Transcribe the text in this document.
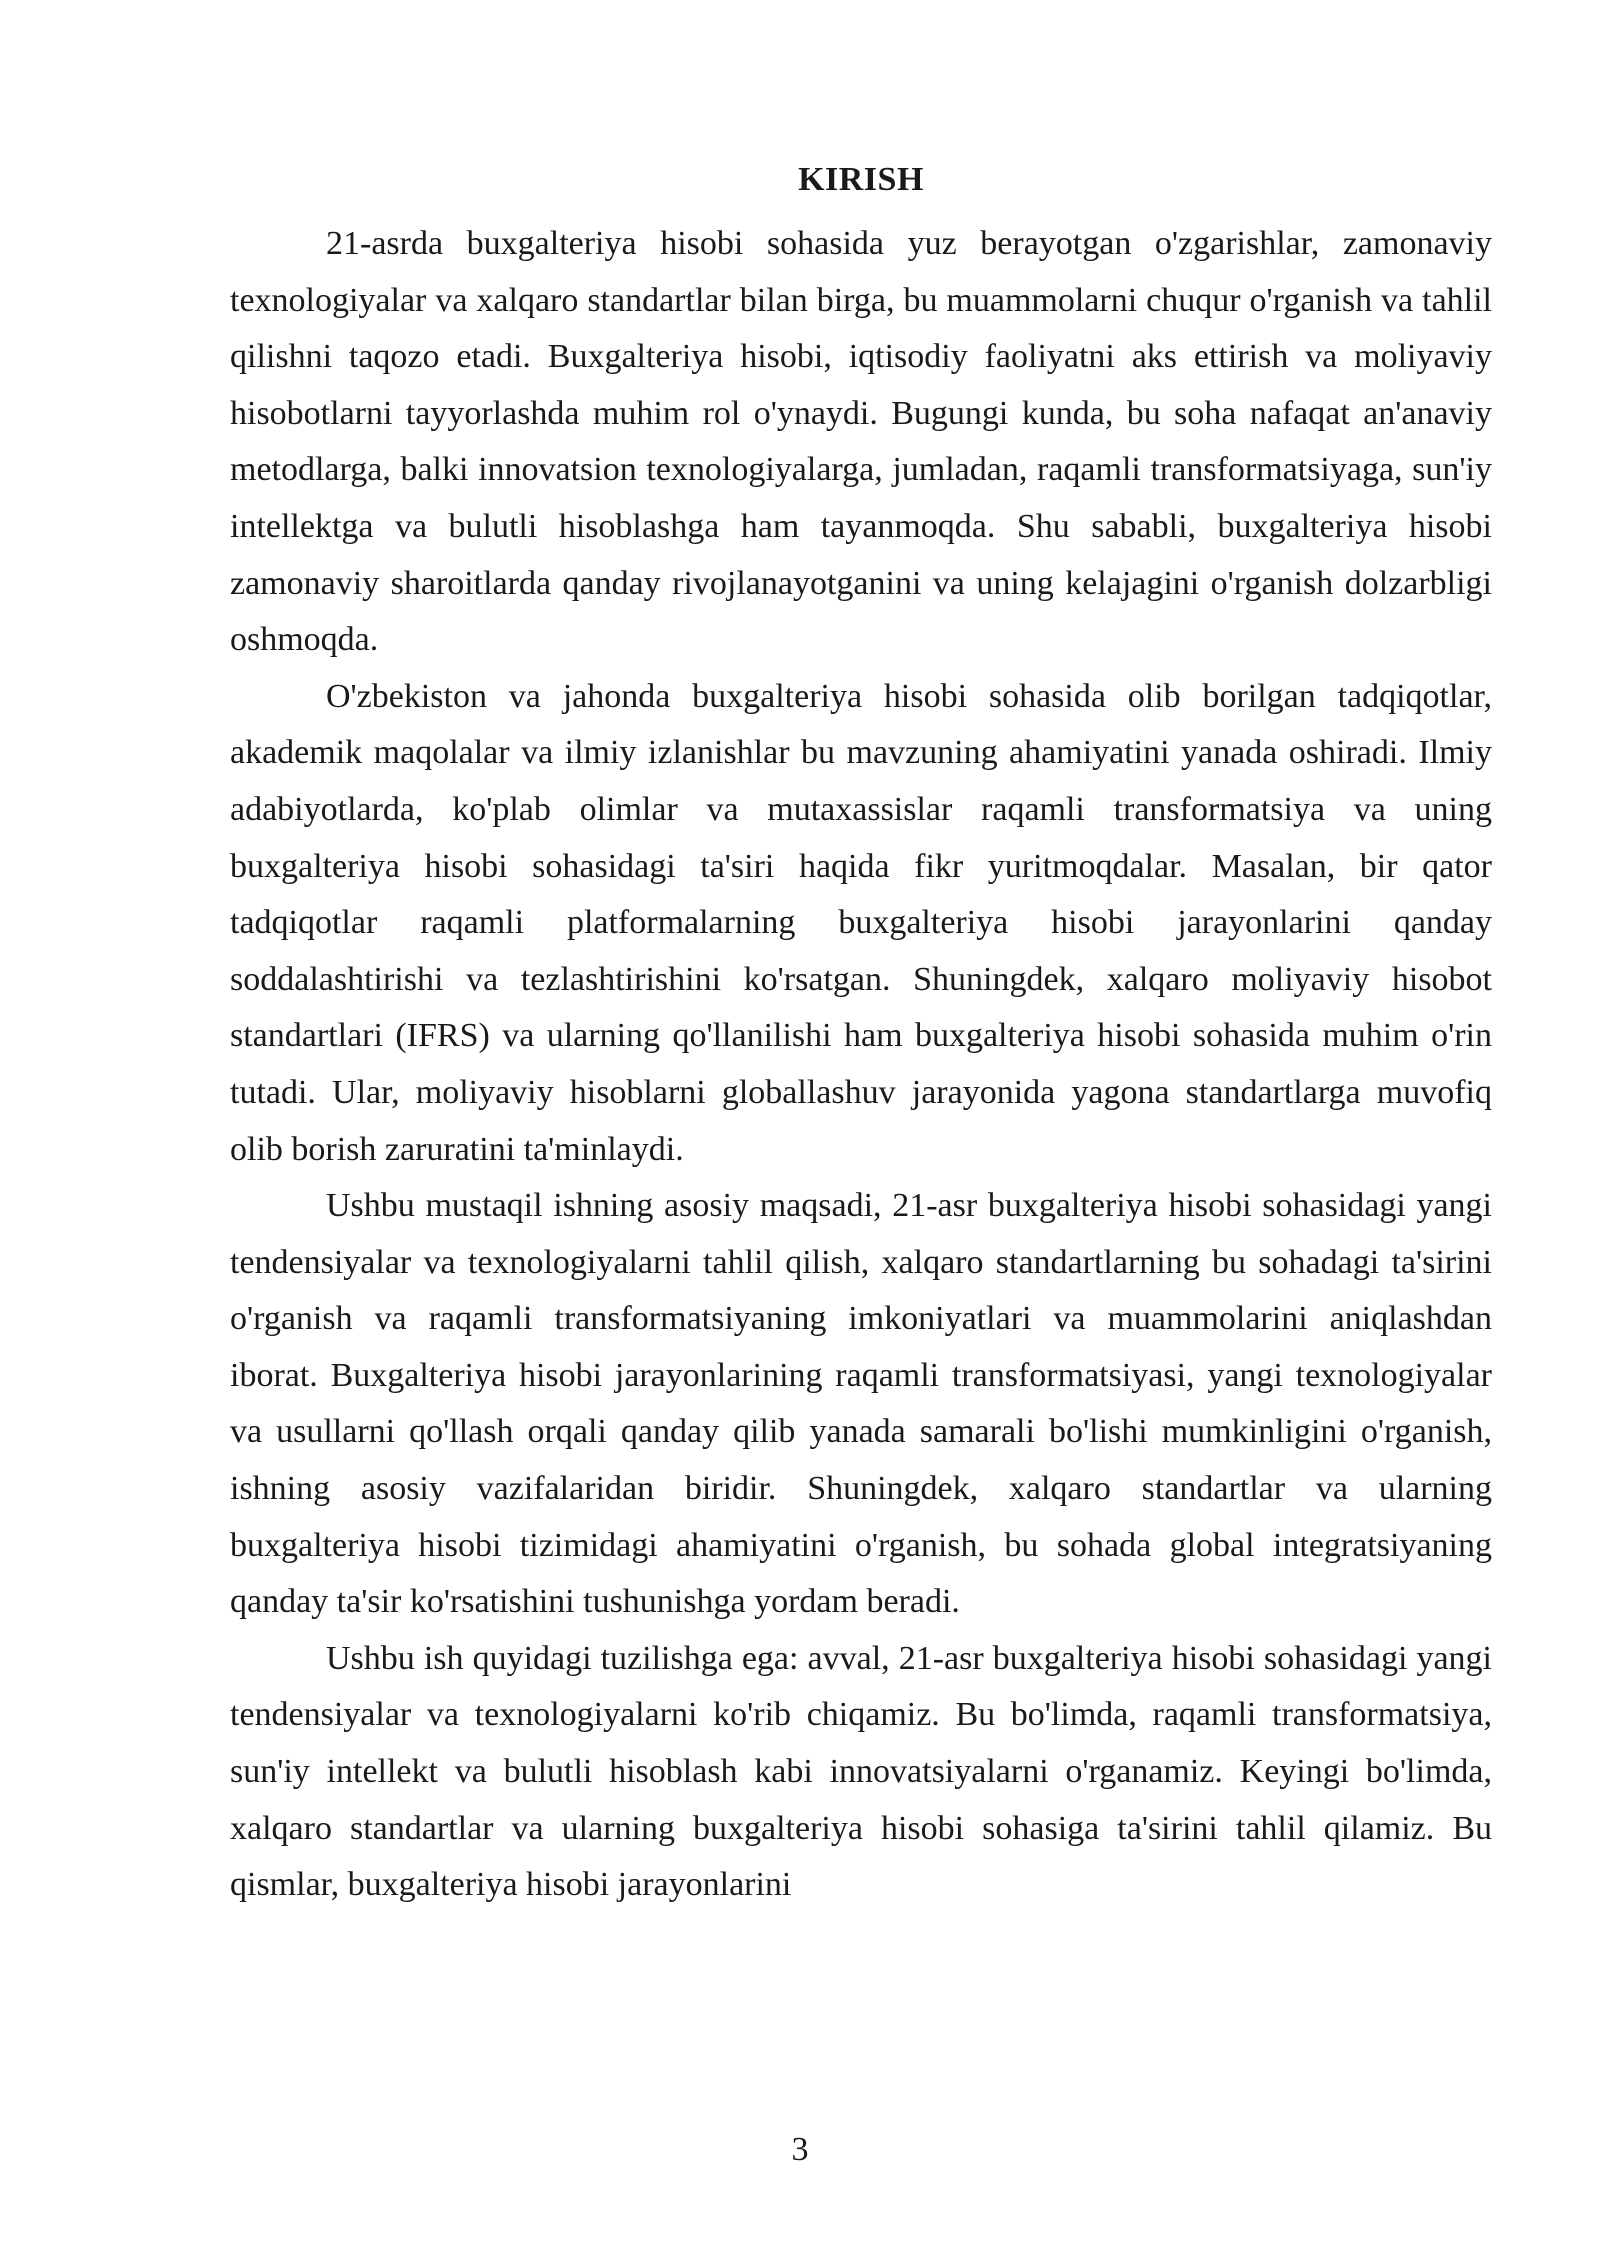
KIRISH

21-asrda buxgalteriya hisobi sohasida yuz berayotgan o'zgarishlar, zamonaviy texnologiyalar va xalqaro standartlar bilan birga, bu muammolarni chuqur o'rganish va tahlil qilishni taqozo etadi. Buxgalteriya hisobi, iqtisodiy faoliyatni aks ettirish va moliyaviy hisobotlarni tayyorlashda muhim rol o'ynaydi. Bugungi kunda, bu soha nafaqat an'anaviy metodlarga, balki innovatsion texnologiyalarga, jumladan, raqamli transformatsiyaga, sun'iy intellektga va bulutli hisoblashga ham tayanmoqda. Shu sababli, buxgalteriya hisobi zamonaviy sharoitlarda qanday rivojlanayotganini va uning kelajagini o'rganish dolzarbligi oshmoqda.

O'zbekiston va jahonda buxgalteriya hisobi sohasida olib borilgan tadqiqotlar, akademik maqolalar va ilmiy izlanishlar bu mavzuning ahamiyatini yanada oshiradi. Ilmiy adabiyotlarda, ko'plab olimlar va mutaxassislar raqamli transformatsiya va uning buxgalteriya hisobi sohasidagi ta'siri haqida fikr yuritmoqdalar. Masalan, bir qator tadqiqotlar raqamli platformalarning buxgalteriya hisobi jarayonlarini qanday soddalashtirishi va tezlashtirishini ko'rsatgan. Shuningdek, xalqaro moliyaviy hisobot standartlari (IFRS) va ularning qo'llanilishi ham buxgalteriya hisobi sohasida muhim o'rin tutadi. Ular, moliyaviy hisoblarni globallashuv jarayonida yagona standartlarga muvofiq olib borish zaruratini ta'minlaydi.

Ushbu mustaqil ishning asosiy maqsadi, 21-asr buxgalteriya hisobi sohasidagi yangi tendensiyalar va texnologiyalarni tahlil qilish, xalqaro standartlarning bu sohadagi ta'sirini o'rganish va raqamli transformatsiyaning imkoniyatlari va muammolarini aniqlashdan iborat. Buxgalteriya hisobi jarayonlarining raqamli transformatsiyasi, yangi texnologiyalar va usullarni qo'llash orqali qanday qilib yanada samarali bo'lishi mumkinligini o'rganish, ishning asosiy vazifalaridan biridir. Shuningdek, xalqaro standartlar va ularning buxgalteriya hisobi tizimidagi ahamiyatini o'rganish, bu sohada global integratsiyaning qanday ta'sir ko'rsatishini tushunishga yordam beradi.

Ushbu ish quyidagi tuzilishga ega: avval, 21-asr buxgalteriya hisobi sohasidagi yangi tendensiyalar va texnologiyalarni ko'rib chiqamiz. Bu bo'limda, raqamli transformatsiya, sun'iy intellekt va bulutli hisoblash kabi innovatsiyalarni o'rganamiz. Keyingi bo'limda, xalqaro standartlar va ularning buxgalteriya hisobi sohasiga ta'sirini tahlil qilamiz. Bu qismlar, buxgalteriya hisobi jarayonlarini

3
